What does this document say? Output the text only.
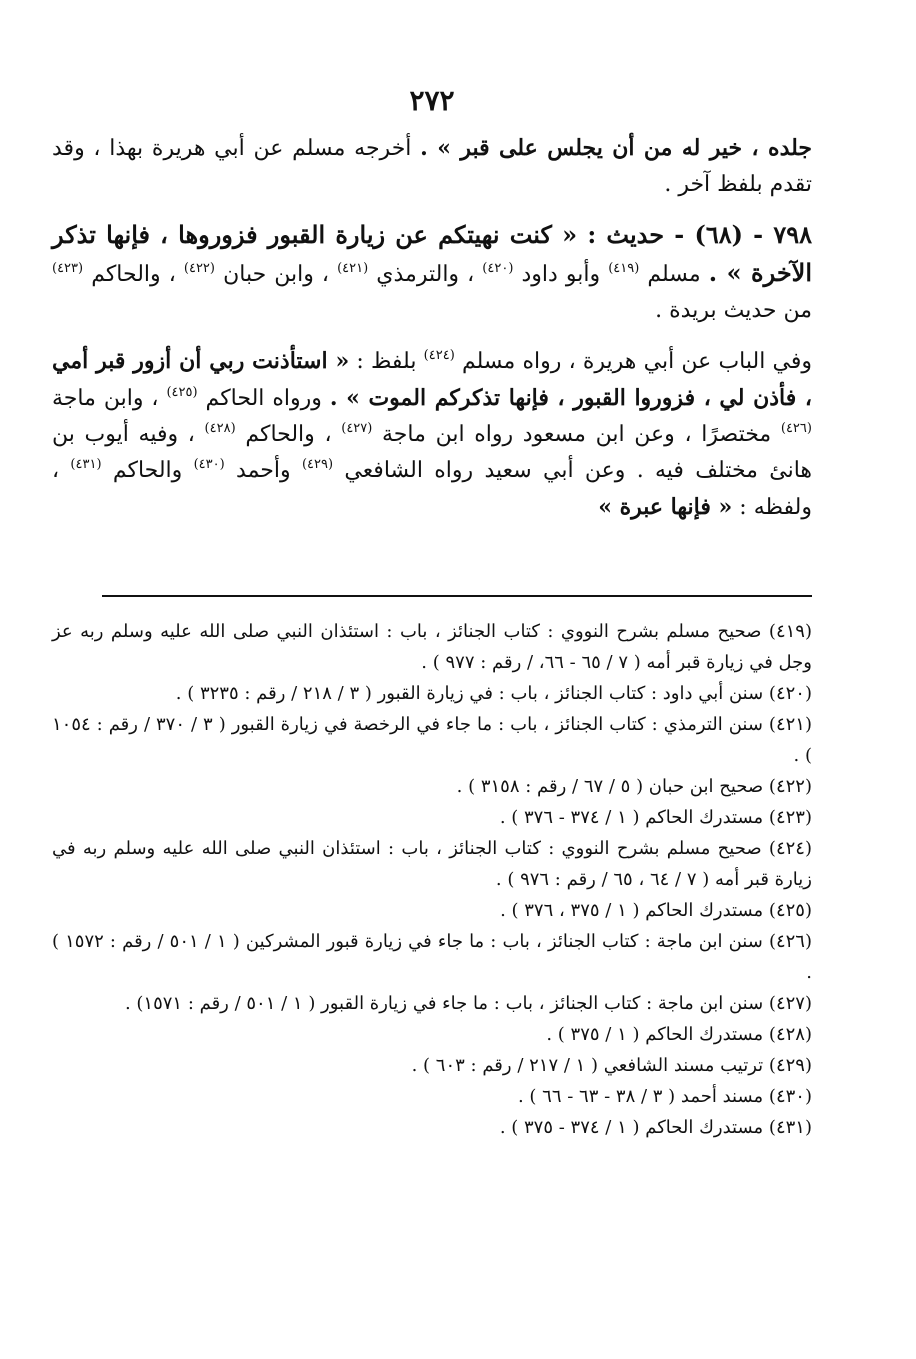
٢٧٢

جلده ، خير له من أن يجلس على قبر » . أخرجه مسلم عن أبي هريرة بهذا ، وقد تقدم بلفظ آخر .

٧٩٨ - (٦٨) - حديث : « كنت نهيتكم عن زيارة القبور فزوروها ، فإنها تذكر الآخرة » . مسلم $^{(٤١٩)}$ وأبو داود $^{(٤٢٠)}$ ، والترمذي $^{(٤٢١)}$ ، وابن حبان $^{(٤٢٢)}$ ، والحاكم $^{(٤٢٣)}$ من حديث بريدة .

وفي الباب عن أبي هريرة ، رواه مسلم $^{(٤٢٤)}$ بلفظ : « استأذنت ربي أن أزور قبر أمي ، فأذن لي ، فزوروا القبور ، فإنها تذكركم الموت » . ورواه الحاكم $^{(٤٢٥)}$ ، وابن ماجة $^{(٤٢٦)}$ مختصرًا ، وعن ابن مسعود رواه ابن ماجة $^{(٤٢٧)}$ ، والحاكم $^{(٤٢٨)}$ ، وفيه أيوب بن هانئ مختلف فيه . وعن أبي سعيد رواه الشافعي $^{(٤٢٩)}$ وأحمد $^{(٤٣٠)}$ والحاكم $^{(٤٣١)}$ ، ولفظه : « فإنها عبرة »

(٤١٩) صحيح مسلم بشرح النووي : كتاب الجنائز ، باب : استئذان النبي صلى الله عليه وسلم ربه عز وجل في زيارة قبر أمه ( ٧ / ٦٥ - ٦٦، / رقم : ٩٧٧ ) .

(٤٢٠) سنن أبي داود : كتاب الجنائز ، باب : في زيارة القبور ( ٣ / ٢١٨ / رقم : ٣٢٣٥ ) .

(٤٢١) سنن الترمذي : كتاب الجنائز ، باب : ما جاء في الرخصة في زيارة القبور ( ٣ / ٣٧٠ / رقم : ١٠٥٤ ) .

(٤٢٢) صحيح ابن حبان ( ٥ / ٦٧ / رقم : ٣١٥٨ ) .

(٤٢٣) مستدرك الحاكم ( ١ / ٣٧٤ - ٣٧٦ ) .

(٤٢٤) صحيح مسلم بشرح النووي : كتاب الجنائز ، باب : استئذان النبي صلى الله عليه وسلم ربه في زيارة قبر أمه ( ٧ / ٦٤ ، ٦٥ / رقم : ٩٧٦ ) .

(٤٢٥) مستدرك الحاكم ( ١ / ٣٧٥ ، ٣٧٦ ) .

(٤٢٦) سنن ابن ماجة : كتاب الجنائز ، باب : ما جاء في زيارة قبور المشركين ( ١ / ٥٠١ / رقم : ١٥٧٢ ) .

(٤٢٧) سنن ابن ماجة : كتاب الجنائز ، باب : ما جاء في زيارة القبور ( ١ / ٥٠١ / رقم : ١٥٧١) .

(٤٢٨) مستدرك الحاكم ( ١ / ٣٧٥ ) .

(٤٢٩) ترتيب مسند الشافعي ( ١ / ٢١٧ / رقم : ٦٠٣ ) .

(٤٣٠) مسند أحمد ( ٣ / ٣٨ - ٦٣ - ٦٦ ) .

(٤٣١) مستدرك الحاكم ( ١ / ٣٧٤ - ٣٧٥ ) .
